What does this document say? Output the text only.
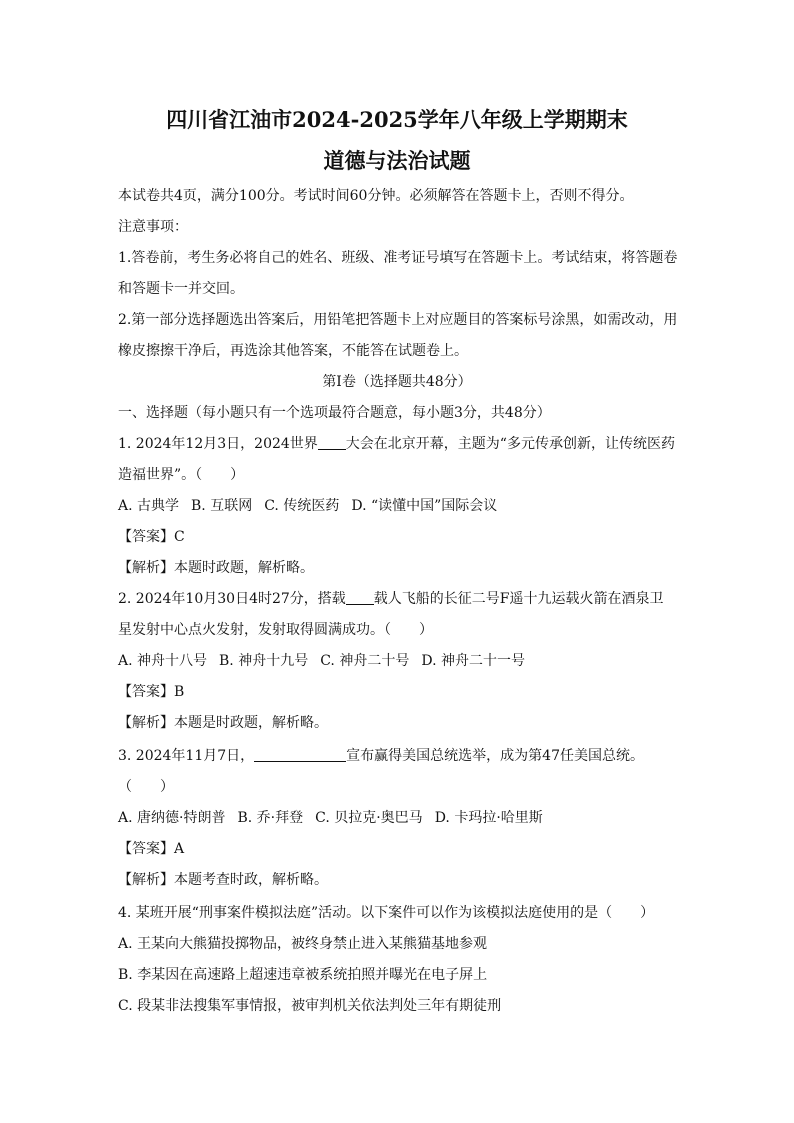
四川省江油市2024-2025学年八年级上学期期末
道德与法治试题
本试卷共4页，满分100分。考试时间60分钟。必须解答在答题卡上，否则不得分。
注意事项：
1.答卷前，考生务必将自己的姓名、班级、准考证号填写在答题卡上。考试结束，将答题卷
和答题卡一并交回。
2.第一部分选择题选出答案后，用铅笔把答题卡上对应题目的答案标号涂黑，如需改动，用
橡皮擦擦干净后，再选涂其他答案，不能答在试题卷上。
第Ⅰ卷（选择题共48分）
一、选择题（每小题只有一个选项最符合题意，每小题3分，共48分）
1. 2024年12月3日，2024世界 大会在北京开幕，主题为“多元传承创新，让传统医药
造福世界”。（　　）
A. 古典学 B. 互联网 C. 传统医药 D. “读懂中国”国际会议
【答案】C
【解析】本题时政题，解析略。
2. 2024年10月30日4时27分，搭载 载人飞船的长征二号F遥十九运载火箭在酒泉卫
星发射中心点火发射，发射取得圆满成功。（　　）
A. 神舟十八号 B. 神舟十九号 C. 神舟二十号 D. 神舟二十一号
【答案】B
【解析】本题是时政题，解析略。
3. 2024年11月7日，	宣布赢得美国总统选举，成为第47任美国总统。
（　　）
A. 唐纳德·特朗普 B. 乔·拜登 C. 贝拉克·奥巴马 D. 卡玛拉·哈里斯
【答案】A
【解析】本题考查时政，解析略。
4. 某班开展“刑事案件模拟法庭”活动。以下案件可以作为该模拟法庭使用的是（　　）
A. 王某向大熊猫投掷物品，被终身禁止进入某熊猫基地参观
B. 李某因在高速路上超速违章被系统拍照并曝光在电子屏上
C. 段某非法搜集军事情报，被审判机关依法判处三年有期徒刑
